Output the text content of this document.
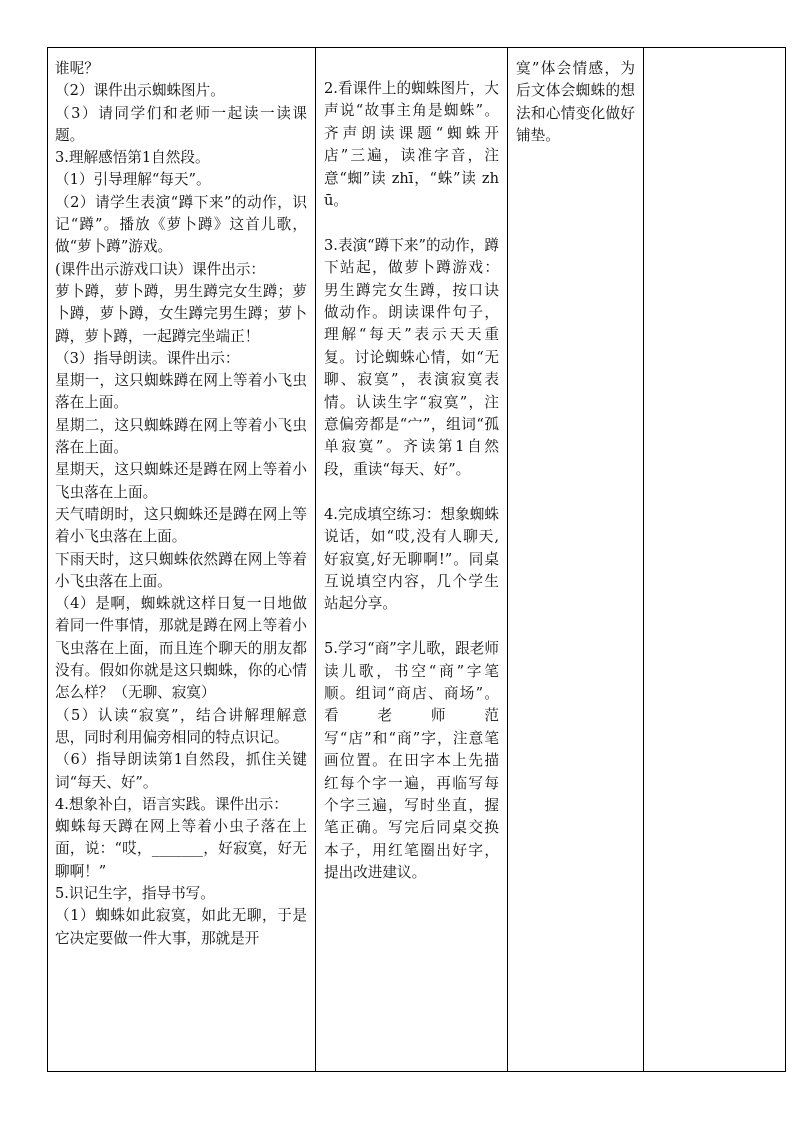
谁呢？
（2）课件出示蜘蛛图片。
（3）请同学们和老师一起读一读课题。
3.理解感悟第1自然段。
（1）引导理解“每天”。
（2）请学生表演“蹲下来”的动作，识记“蹲”。播放《萝卜蹲》这首儿歌，做“萝卜蹲”游戏。
(课件出示游戏口诀）课件出示：
萝卜蹲，萝卜蹲，男生蹲完女生蹲；萝卜蹲，萝卜蹲，女生蹲完男生蹲；萝卜蹲，萝卜蹲，一起蹲完坐端正！
（3）指导朗读。课件出示：
星期一，这只蜘蛛蹲在网上等着小飞虫落在上面。
星期二，这只蜘蛛蹲在网上等着小飞虫落在上面。
星期天，这只蜘蛛还是蹲在网上等着小飞虫落在上面。
天气晴朗时，这只蜘蛛还是蹲在网上等着小飞虫落在上面。
下雨天时，这只蜘蛛依然蹲在网上等着小飞虫落在上面。
（4）是啊，蜘蛛就这样日复一日地做着同一件事情，那就是蹲在网上等着小飞虫落在上面，而且连个聊天的朋友都没有。假如你就是这只蜘蛛，你的心情怎么样？（无聊、寂寞）
（5）认读“寂寞”，结合讲解理解意思，同时利用偏旁相同的特点识记。
（6）指导朗读第1自然段，抓住关键词“每天、好”。
4.想象补白，语言实践。课件出示：
蜘蛛每天蹲在网上等着小虫子落在上面，说：“哎，_______，好寂寞，好无聊啊！”
5.识记生字，指导书写。
（1）蜘蛛如此寂寞，如此无聊，于是它决定要做一件大事，那就是开

2.看课件上的蜘蛛图片，大声说“故事主角是蜘蛛”。齐声朗读课题“蜘蛛开店”三遍，读准字音，注意“蜘”读 zhī，“蛛”读 zhū。
3.表演“蹲下来”的动作，蹲下站起，做萝卜蹲游戏：男生蹲完女生蹲，按口诀做动作。朗读课件句子，理解“每天”表示天天重复。讨论蜘蛛心情，如“无聊、寂寞”，表演寂寞表情。认读生字“寂寞”，注意偏旁都是“宀”，组词“孤单寂寞”。齐读第1自然段，重读“每天、好”。
4.完成填空练习：想象蜘蛛说话，如“哎,没有人聊天,好寂寞,好无聊啊!”。同桌互说填空内容，几个学生站起分享。
5.学习“商”字儿歌，跟老师读儿歌，书空“商”字笔顺。组词“商店、商场”。看老师范写“店”和“商”字，注意笔画位置。在田字本上先描红每个字一遍，再临写每个字三遍，写时坐直，握笔正确。写完后同桌交换本子，用红笔圈出好字，提出改进建议。

寞”体会情感，为后文体会蜘蛛的想法和心情变化做好铺垫。
